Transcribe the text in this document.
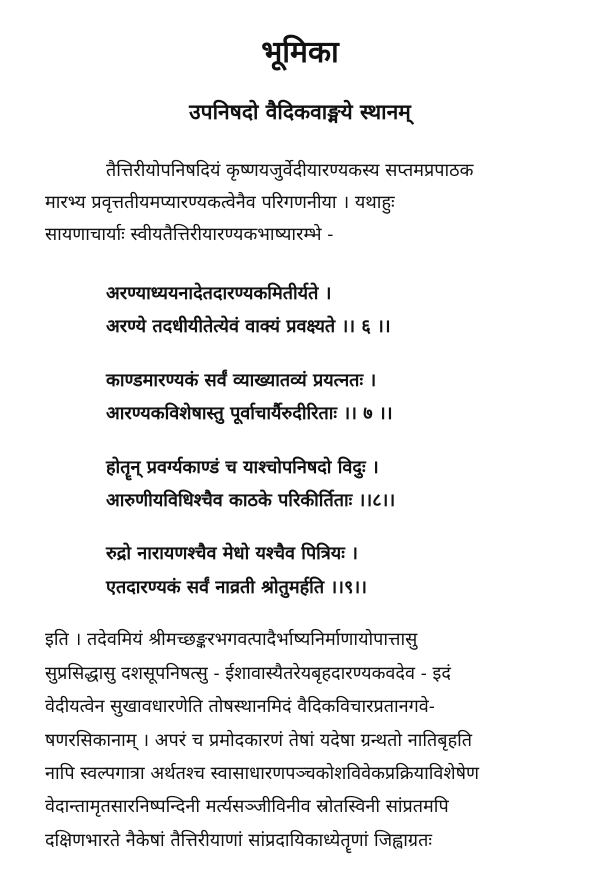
भूमिका
उपनिषदो वैदिकवाङ्मये स्थानम्
तैत्तिरीयोपनिषदियं कृष्णयजुर्वेदीयारण्यकस्य सप्तमप्रपाठक
मारभ्य प्रवृत्ततीयमप्यारण्यकत्वेनैव परिगणनीया । यथाहुः
सायणाचार्याः स्वीयतैत्तिरीयारण्यकभाष्यारम्भे -
अरण्याध्ययनादेतदारण्यकमितीर्यते ।
अरण्ये तदधीयीतेत्येवं वाक्यं प्रवक्ष्यते ।। ६ ।।
काण्डमारण्यकं सर्वं व्याख्यातव्यं प्रयत्नतः ।
आरण्यकविशेषास्तु पूर्वाचार्यैरुदीरिताः ।। ७ ।।
होतॄन् प्रवर्ग्यकाण्डं च याश्चोपनिषदो विदुः ।
आरुणीयविधिश्चैव काठके परिकीर्तिताः ।।८।।
रुद्रो नारायणश्चैव मेधो यश्चैव पित्रियः ।
एतदारण्यकं सर्वं नाव्रती श्रोतुमर्हति ।।९।।
इति । तदेवमियं श्रीमच्छङ्करभगवत्पादैर्भाष्यनिर्माणायोपात्तासु
सुप्रसिद्धासु दशसूपनिषत्सु - ईशावास्यैतरेयबृहदारण्यकवदेव - इदं
वेदीयत्वेन सुखावधारणेति तोषस्थानमिदं वैदिकविचारप्रतानगवे-
षणरसिकानाम् । अपरं च प्रमोदकारणं तेषां यदेषा ग्रन्थतो नातिबृहति
नापि स्वल्पगात्रा अर्थतश्च स्वासाधारणपञ्चकोशविवेकप्रक्रियाविशेषेण
वेदान्तामृतसारनिष्पन्दिनी मर्त्यसञ्जीविनीव स्रोतस्विनी सांप्रतमपि
दक्षिणभारते नैकेषां तैत्तिरीयाणां सांप्रदायिकाध्येतॄणां जिह्वाग्रतः
